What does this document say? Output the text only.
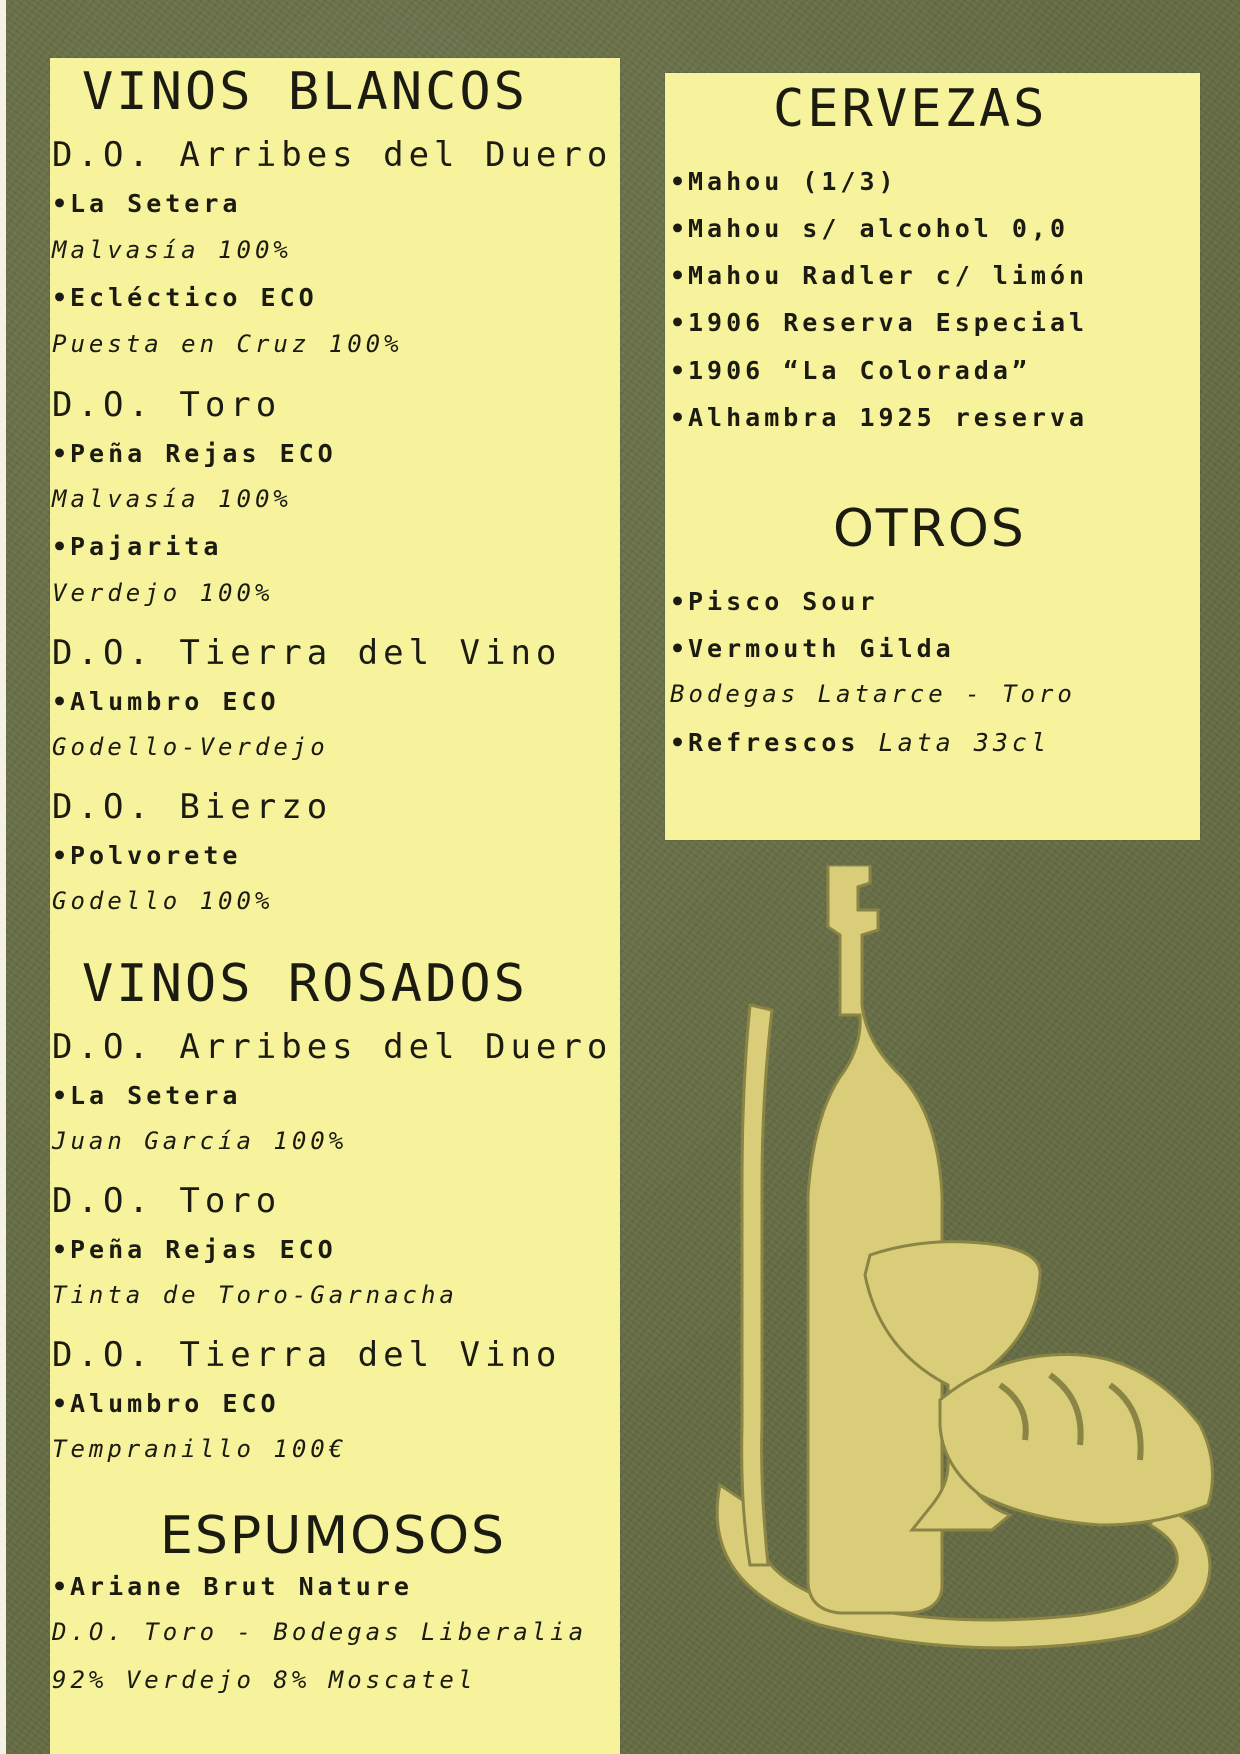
VINOS BLANCOS
D.O. Arribes del Duero
•La Setera
Malvasía 100%
•Ecléctico ECO
Puesta en Cruz 100%
D.O. Toro
•Peña Rejas ECO
Malvasía 100%
•Pajarita
Verdejo 100%
D.O. Tierra del Vino
•Alumbro ECO
Godello-Verdejo
D.O. Bierzo
•Polvorete
Godello 100%
VINOS ROSADOS
D.O. Arribes del Duero
•La Setera
Juan García 100%
D.O. Toro
•Peña Rejas ECO
Tinta de Toro-Garnacha
D.O. Tierra del Vino
•Alumbro ECO
Tempranillo 100€
ESPUMOSOS
•Ariane Brut Nature
D.O. Toro - Bodegas Liberalia
92% Verdejo 8% Moscatel
CERVEZAS
•Mahou (1/3)
•Mahou s/ alcohol 0,0
•Mahou Radler c/ limón
•1906 Reserva Especial
•1906 “La Colorada”
•Alhambra 1925 reserva
OTROS
•Pisco Sour
•Vermouth Gilda
Bodegas Latarce - Toro
•Refrescos Lata 33cl
